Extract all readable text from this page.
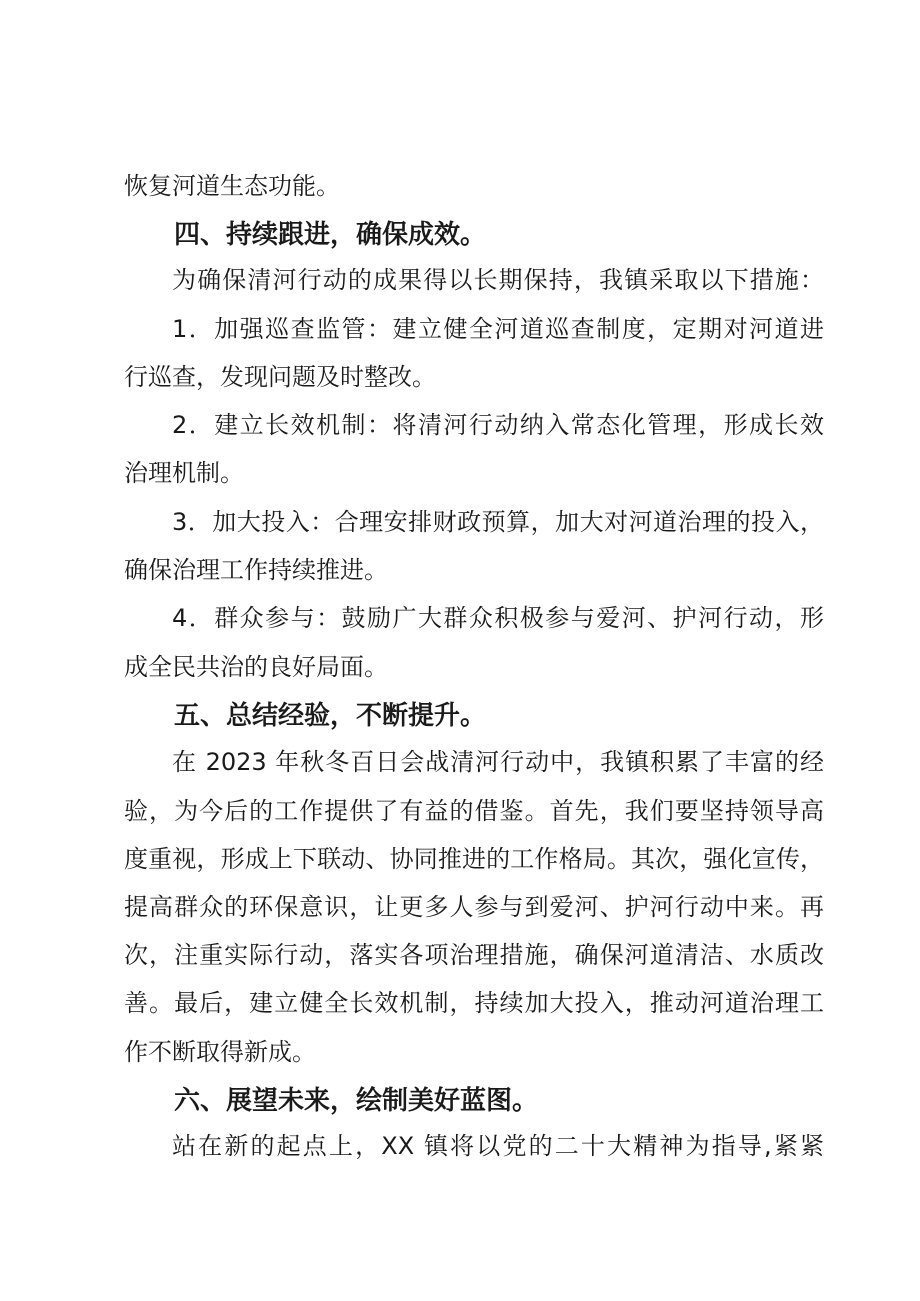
恢复河道生态功能。
四、持续跟进，确保成效。
为确保清河行动的成果得以长期保持，我镇采取以下措施：
1．加强巡查监管：建立健全河道巡查制度，定期对河道进
行巡查，发现问题及时整改。
2．建立长效机制：将清河行动纳入常态化管理，形成长效
治理机制。
3．加大投入：合理安排财政预算，加大对河道治理的投入，
确保治理工作持续推进。
4．群众参与：鼓励广大群众积极参与爱河、护河行动，形
成全民共治的良好局面。
五、总结经验，不断提升。
在 2023 年秋冬百日会战清河行动中，我镇积累了丰富的经
验，为今后的工作提供了有益的借鉴。首先，我们要坚持领导高
度重视，形成上下联动、协同推进的工作格局。其次，强化宣传，
提高群众的环保意识，让更多人参与到爱河、护河行动中来。再
次，注重实际行动，落实各项治理措施，确保河道清洁、水质改
善。最后，建立健全长效机制，持续加大投入，推动河道治理工
作不断取得新成。
六、展望未来，绘制美好蓝图。
站在新的起点上，XX 镇将以党的二十大精神为指导,紧紧
